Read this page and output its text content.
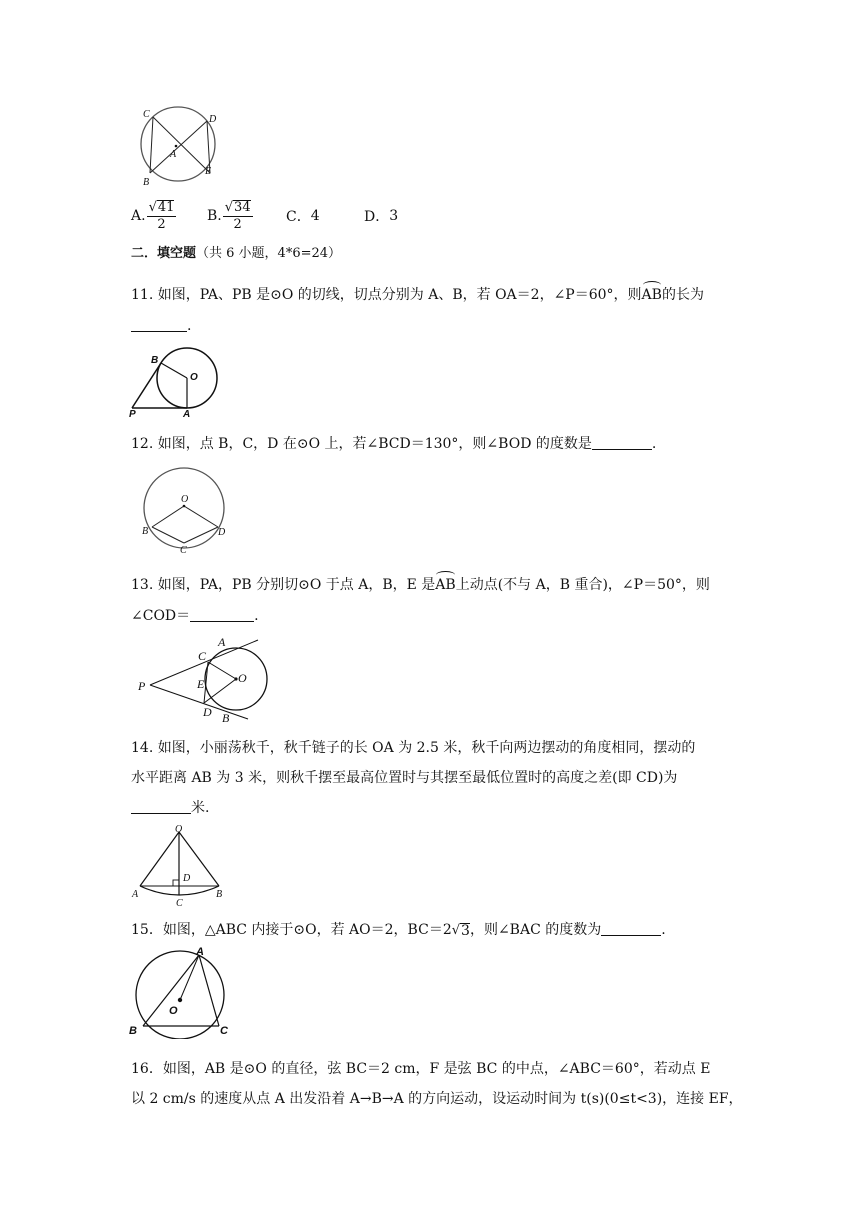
C	D
A
B
E
A. $\frac{√ 41}{2} B$. $\frac{√ 34}{2}$ C． 4	D． 3
二．填空题（共 6 小题，4*6=24）
11. 如图，PA、PB 是⊙O 的切线，切点分别为 A、B，若 OA＝2，∠P＝60°，则AB的长为
.
B
O
P	A
12. 如图，点 B，C，D 在⊙O 上，若∠BCD＝130°，则∠BOD 的度数是	.
O
B	D
C
13. 如图，PA，PB 分别切⊙O 于点 A，B，E 是AB上动点(不与 A，B 重合)，∠P＝50°，则
∠COD＝	.
A
C
P	E	O
D B
14. 如图，小丽荡秋千，秋千链子的长 OA 为 2.5 米，秋千向两边摆动的角度相同，摆动的
水平距离 AB 为 3 米，则秋千摆至最高位置时与其摆至最低位置时的高度之差(即 CD)为
米.
O
D
A	B
C
15．如图，△ABC 内接于⊙O，若 AO＝2，BC＝2 √ 3 ，则∠BAC 的度数为	.
A
O
B	C
16．如图，AB 是⊙O 的直径，弦 BC＝2 cm，F 是弦 BC 的中点，∠ABC＝60°，若动点 E
以 2 cm/s 的速度从点 A 出发沿着 A→B→A 的方向运动，设运动时间为 t(s)(0≤t<3)，连接 EF，
